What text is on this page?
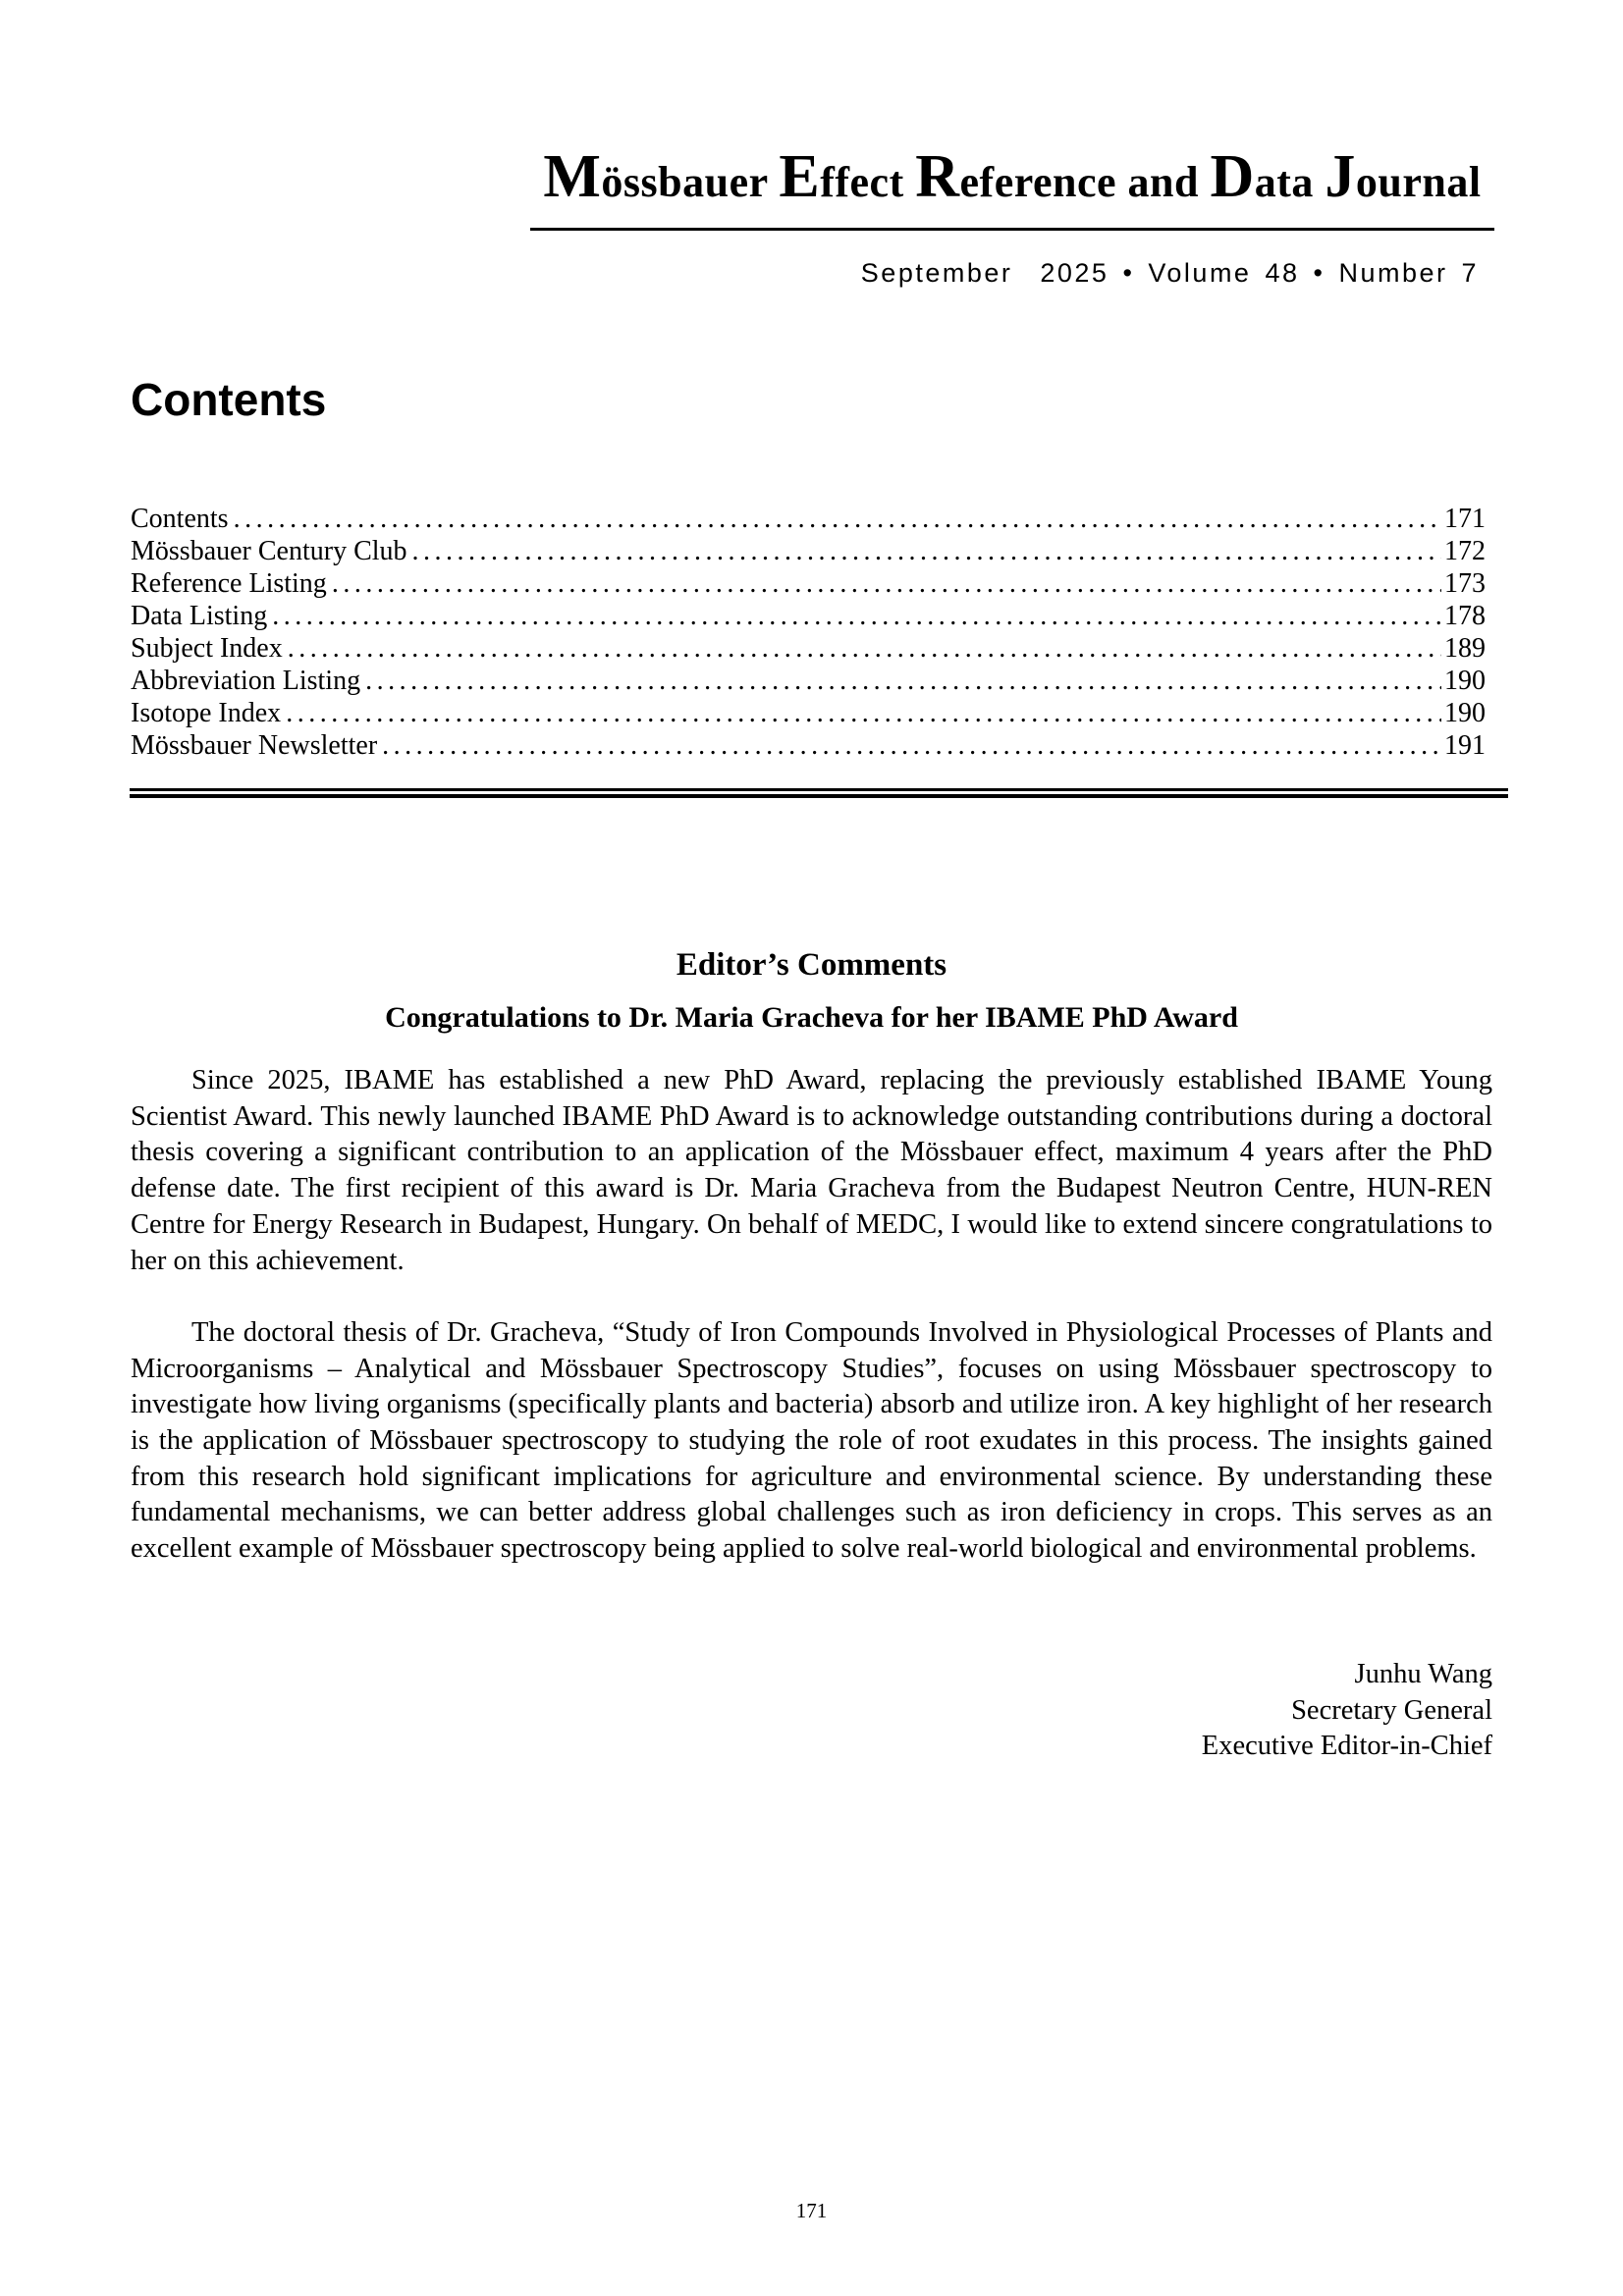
Mössbauer Effect Reference and Data Journal
September  2025 • Volume 48 • Number 7
Contents
Contents .....	171
Mössbauer Century Club .....	172
Reference Listing .....	173
Data Listing .....	178
Subject Index .....	189
Abbreviation Listing .....	190
Isotope Index .....	190
Mössbauer Newsletter .....	191
Editor’s Comments
Congratulations to Dr. Maria Gracheva for her IBAME PhD Award

Since 2025, IBAME has established a new PhD Award, replacing the previously established IBAME Young Scientist Award. This newly launched IBAME PhD Award is to acknowledge outstanding contributions during a doctoral thesis covering a significant contribution to an application of the Mössbauer effect, maximum 4 years after the PhD defense date. The first recipient of this award is Dr. Maria Gracheva from the Budapest Neutron Centre, HUN-REN Centre for Energy Research in Budapest, Hungary. On behalf of MEDC, I would like to extend sincere congratulations to her on this achievement.

The doctoral thesis of Dr. Gracheva, “Study of Iron Compounds Involved in Physiological Processes of Plants and Microorganisms – Analytical and Mössbauer Spectroscopy Studies”, focuses on using Mössbauer spectroscopy to investigate how living organisms (specifically plants and bacteria) absorb and utilize iron. A key highlight of her research is the application of Mössbauer spectroscopy to studying the role of root exudates in this process. The insights gained from this research hold significant implications for agriculture and environmental science. By understanding these fundamental mechanisms, we can better address global challenges such as iron deficiency in crops. This serves as an excellent example of Mössbauer spectroscopy being applied to solve real-world biological and environmental problems.

Junhu Wang
Secretary General
Executive Editor-in-Chief
171
